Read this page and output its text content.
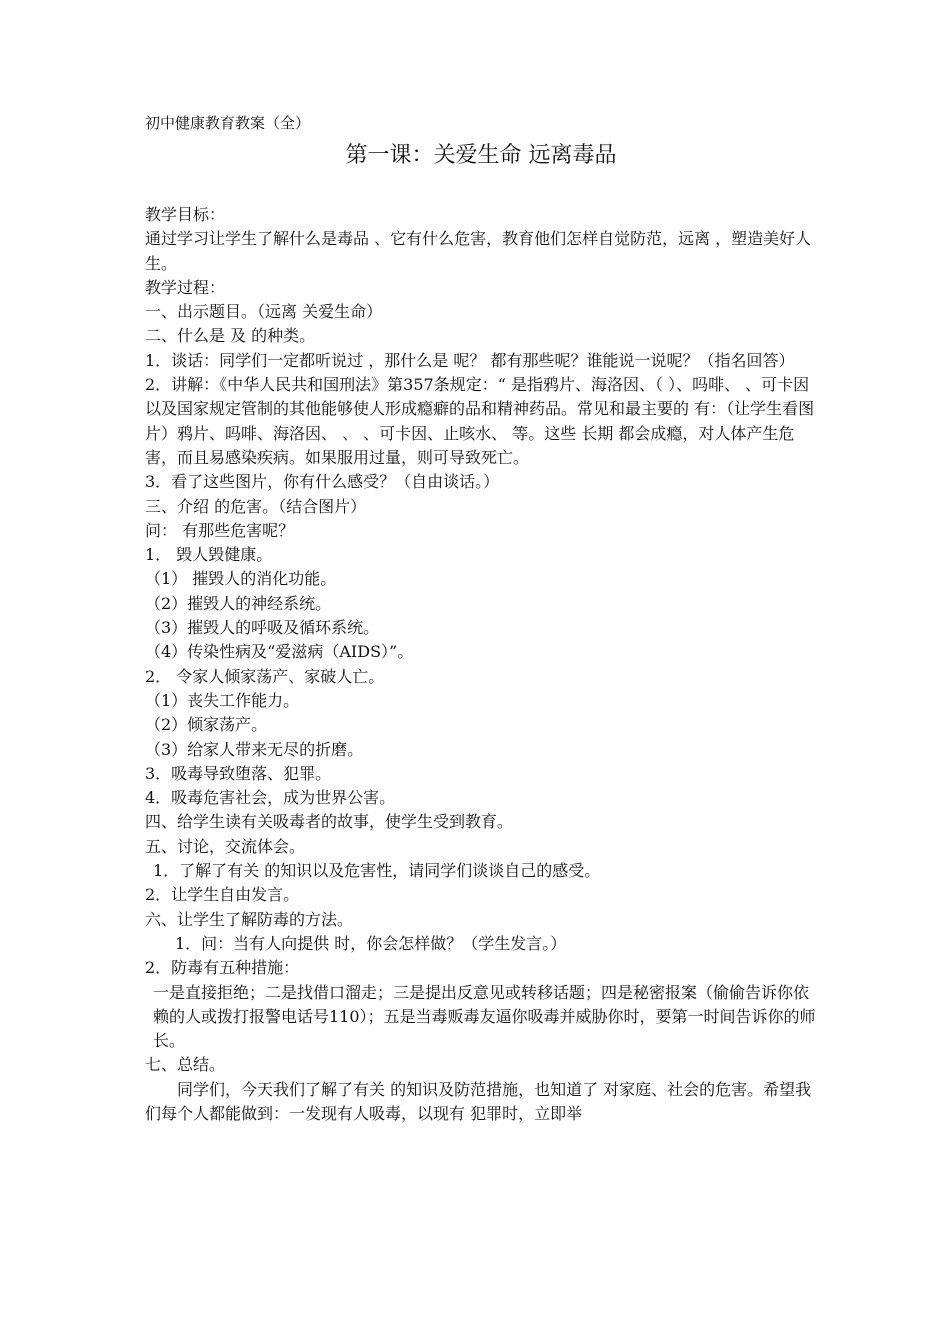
初中健康教育教案（全）
第一课：关爱生命 远离毒品

教学目标：

通过学习让学生了解什么是毒品 、它有什么危害，教育他们怎样自觉防范，远离 ，塑造美好人生。

教学过程：

一、出示题目。（远离 关爱生命）

二、什么是 及 的种类。

1．谈话：同学们一定都听说过 ，那什么是 呢？ 都有那些呢？谁能说一说呢？（指名回答）

2．讲解：《中华人民共和国刑法》第357条规定：“ 是指鸦片、海洛因、（ ）、吗啡、 、可卡因以及国家规定管制的其他能够使人形成瘾癖的品和精神药品。常见和最主要的 有：（让学生看图片）鸦片、吗啡、海洛因、 、 、可卡因、止咳水、 等。这些 长期 都会成瘾，对人体产生危害，而且易感染疾病。如果服用过量，则可导致死亡。

3．看了这些图片，你有什么感受？（自由谈话。）

三、介绍 的危害。（结合图片）

问： 有那些危害呢？

1． 毁人毁健康。

（1） 摧毁人的消化功能。

（2）摧毁人的神经系统。

（3）摧毁人的呼吸及循环系统。

（4）传染性病及“爱滋病（AIDS）”。

2． 令家人倾家荡产、家破人亡。

（1）丧失工作能力。

（2）倾家荡产。

（3）给家人带来无尽的折磨。

3．吸毒导致堕落、犯罪。

4．吸毒危害社会，成为世界公害。

四、给学生读有关吸毒者的故事，使学生受到教育。

五、讨论，交流体会。

1．了解了有关 的知识以及危害性，请同学们谈谈自己的感受。

2．让学生自由发言。

六、让学生了解防毒的方法。

1．问：当有人向提供 时，你会怎样做？（学生发言。）

2．防毒有五种措施：

一是直接拒绝；二是找借口溜走；三是提出反意见或转移话题；四是秘密报案（偷偷告诉你依赖的人或拨打报警电话号110）；五是当毒贩毒友逼你吸毒并威胁你时，要第一时间告诉你的师长。

七、总结。

同学们，今天我们了解了有关 的知识及防范措施，也知道了 对家庭、社会的危害。希望我们每个人都能做到：一发现有人吸毒，以现有 犯罪时，立即举
